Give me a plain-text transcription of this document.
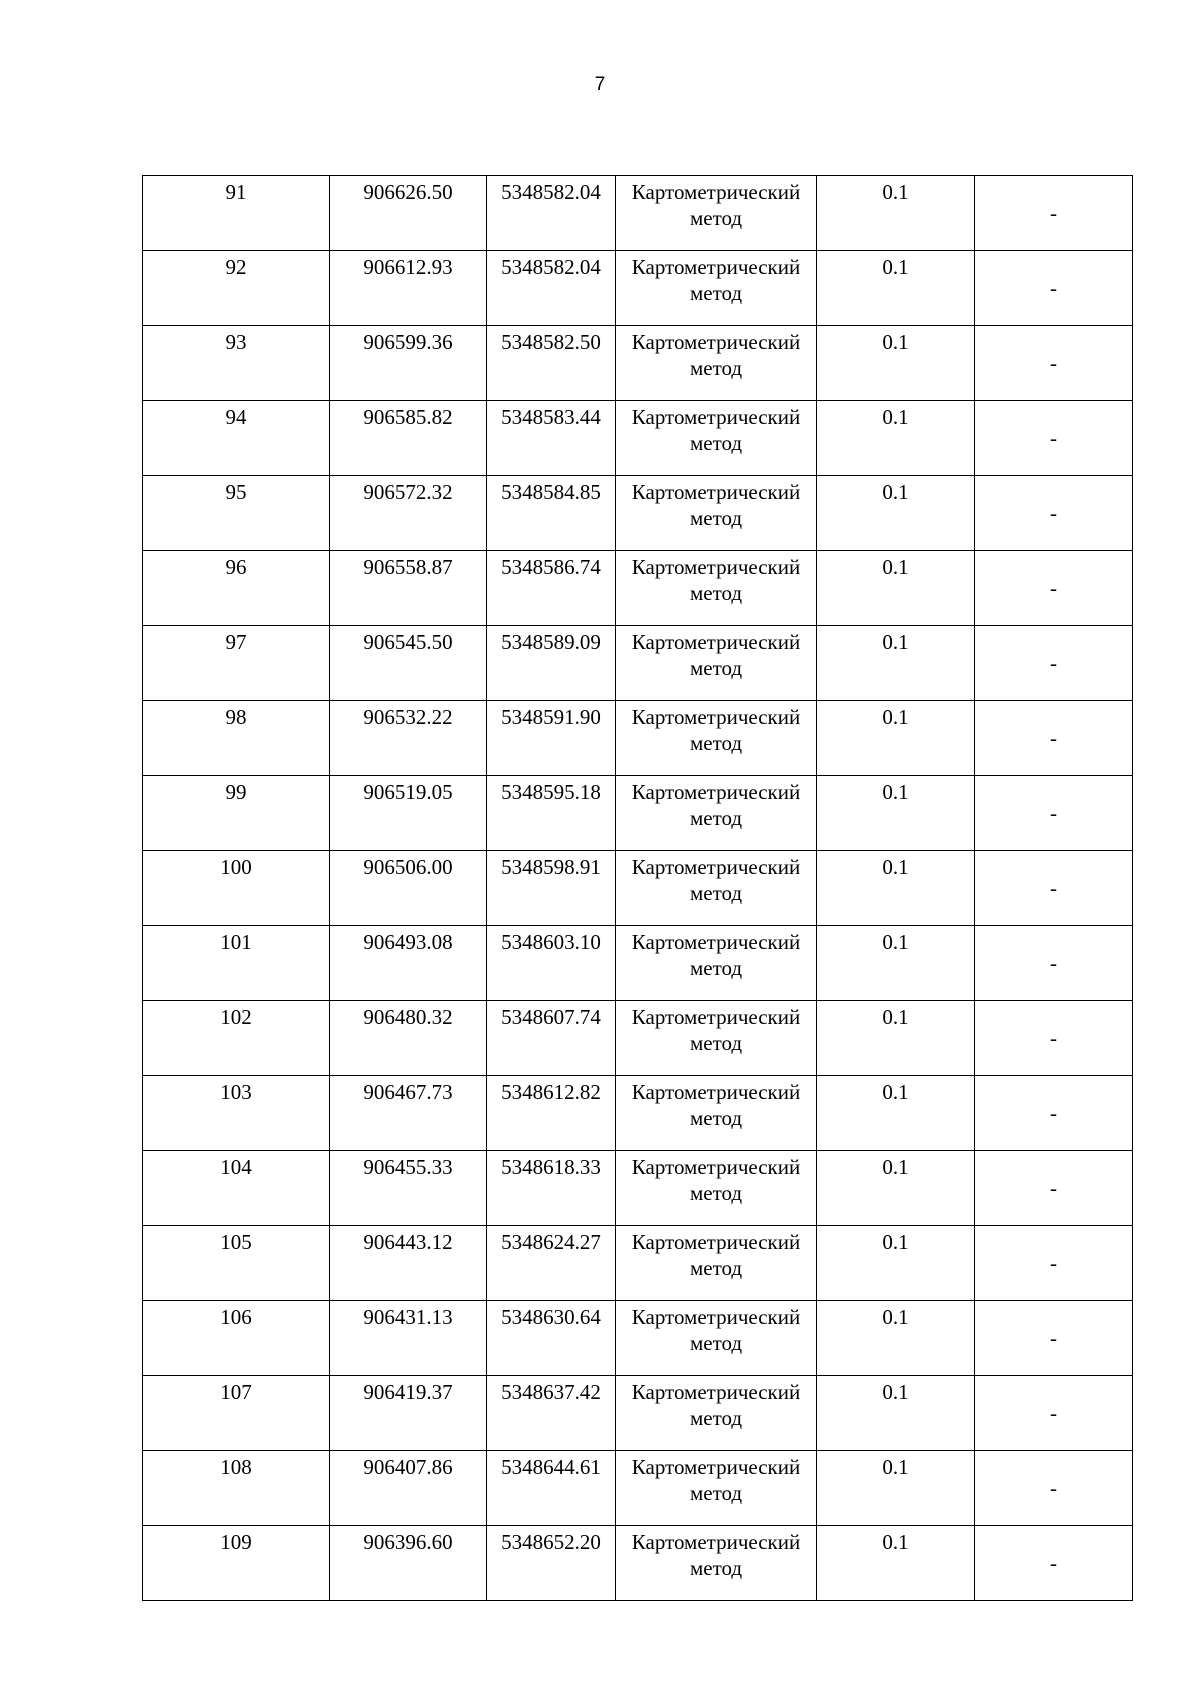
7
91	906626.50	5348582.04	Картометрический
метод	0.1	-
92	906612.93	5348582.04	Картометрический
метод	0.1	-
93	906599.36	5348582.50	Картометрический
метод	0.1	-
94	906585.82	5348583.44	Картометрический
метод	0.1	-
95	906572.32	5348584.85	Картометрический
метод	0.1	-
96	906558.87	5348586.74	Картометрический
метод	0.1	-
97	906545.50	5348589.09	Картометрический
метод	0.1	-
98	906532.22	5348591.90	Картометрический
метод	0.1	-
99	906519.05	5348595.18	Картометрический
метод	0.1	-
100	906506.00	5348598.91	Картометрический
метод	0.1	-
101	906493.08	5348603.10	Картометрический
метод	0.1	-
102	906480.32	5348607.74	Картометрический
метод	0.1	-
103	906467.73	5348612.82	Картометрический
метод	0.1	-
104	906455.33	5348618.33	Картометрический
метод	0.1	-
105	906443.12	5348624.27	Картометрический
метод	0.1	-
106	906431.13	5348630.64	Картометрический
метод	0.1	-
107	906419.37	5348637.42	Картометрический
метод	0.1	-
108	906407.86	5348644.61	Картометрический
метод	0.1	-
109	906396.60	5348652.20	Картометрический
метод	0.1	-
